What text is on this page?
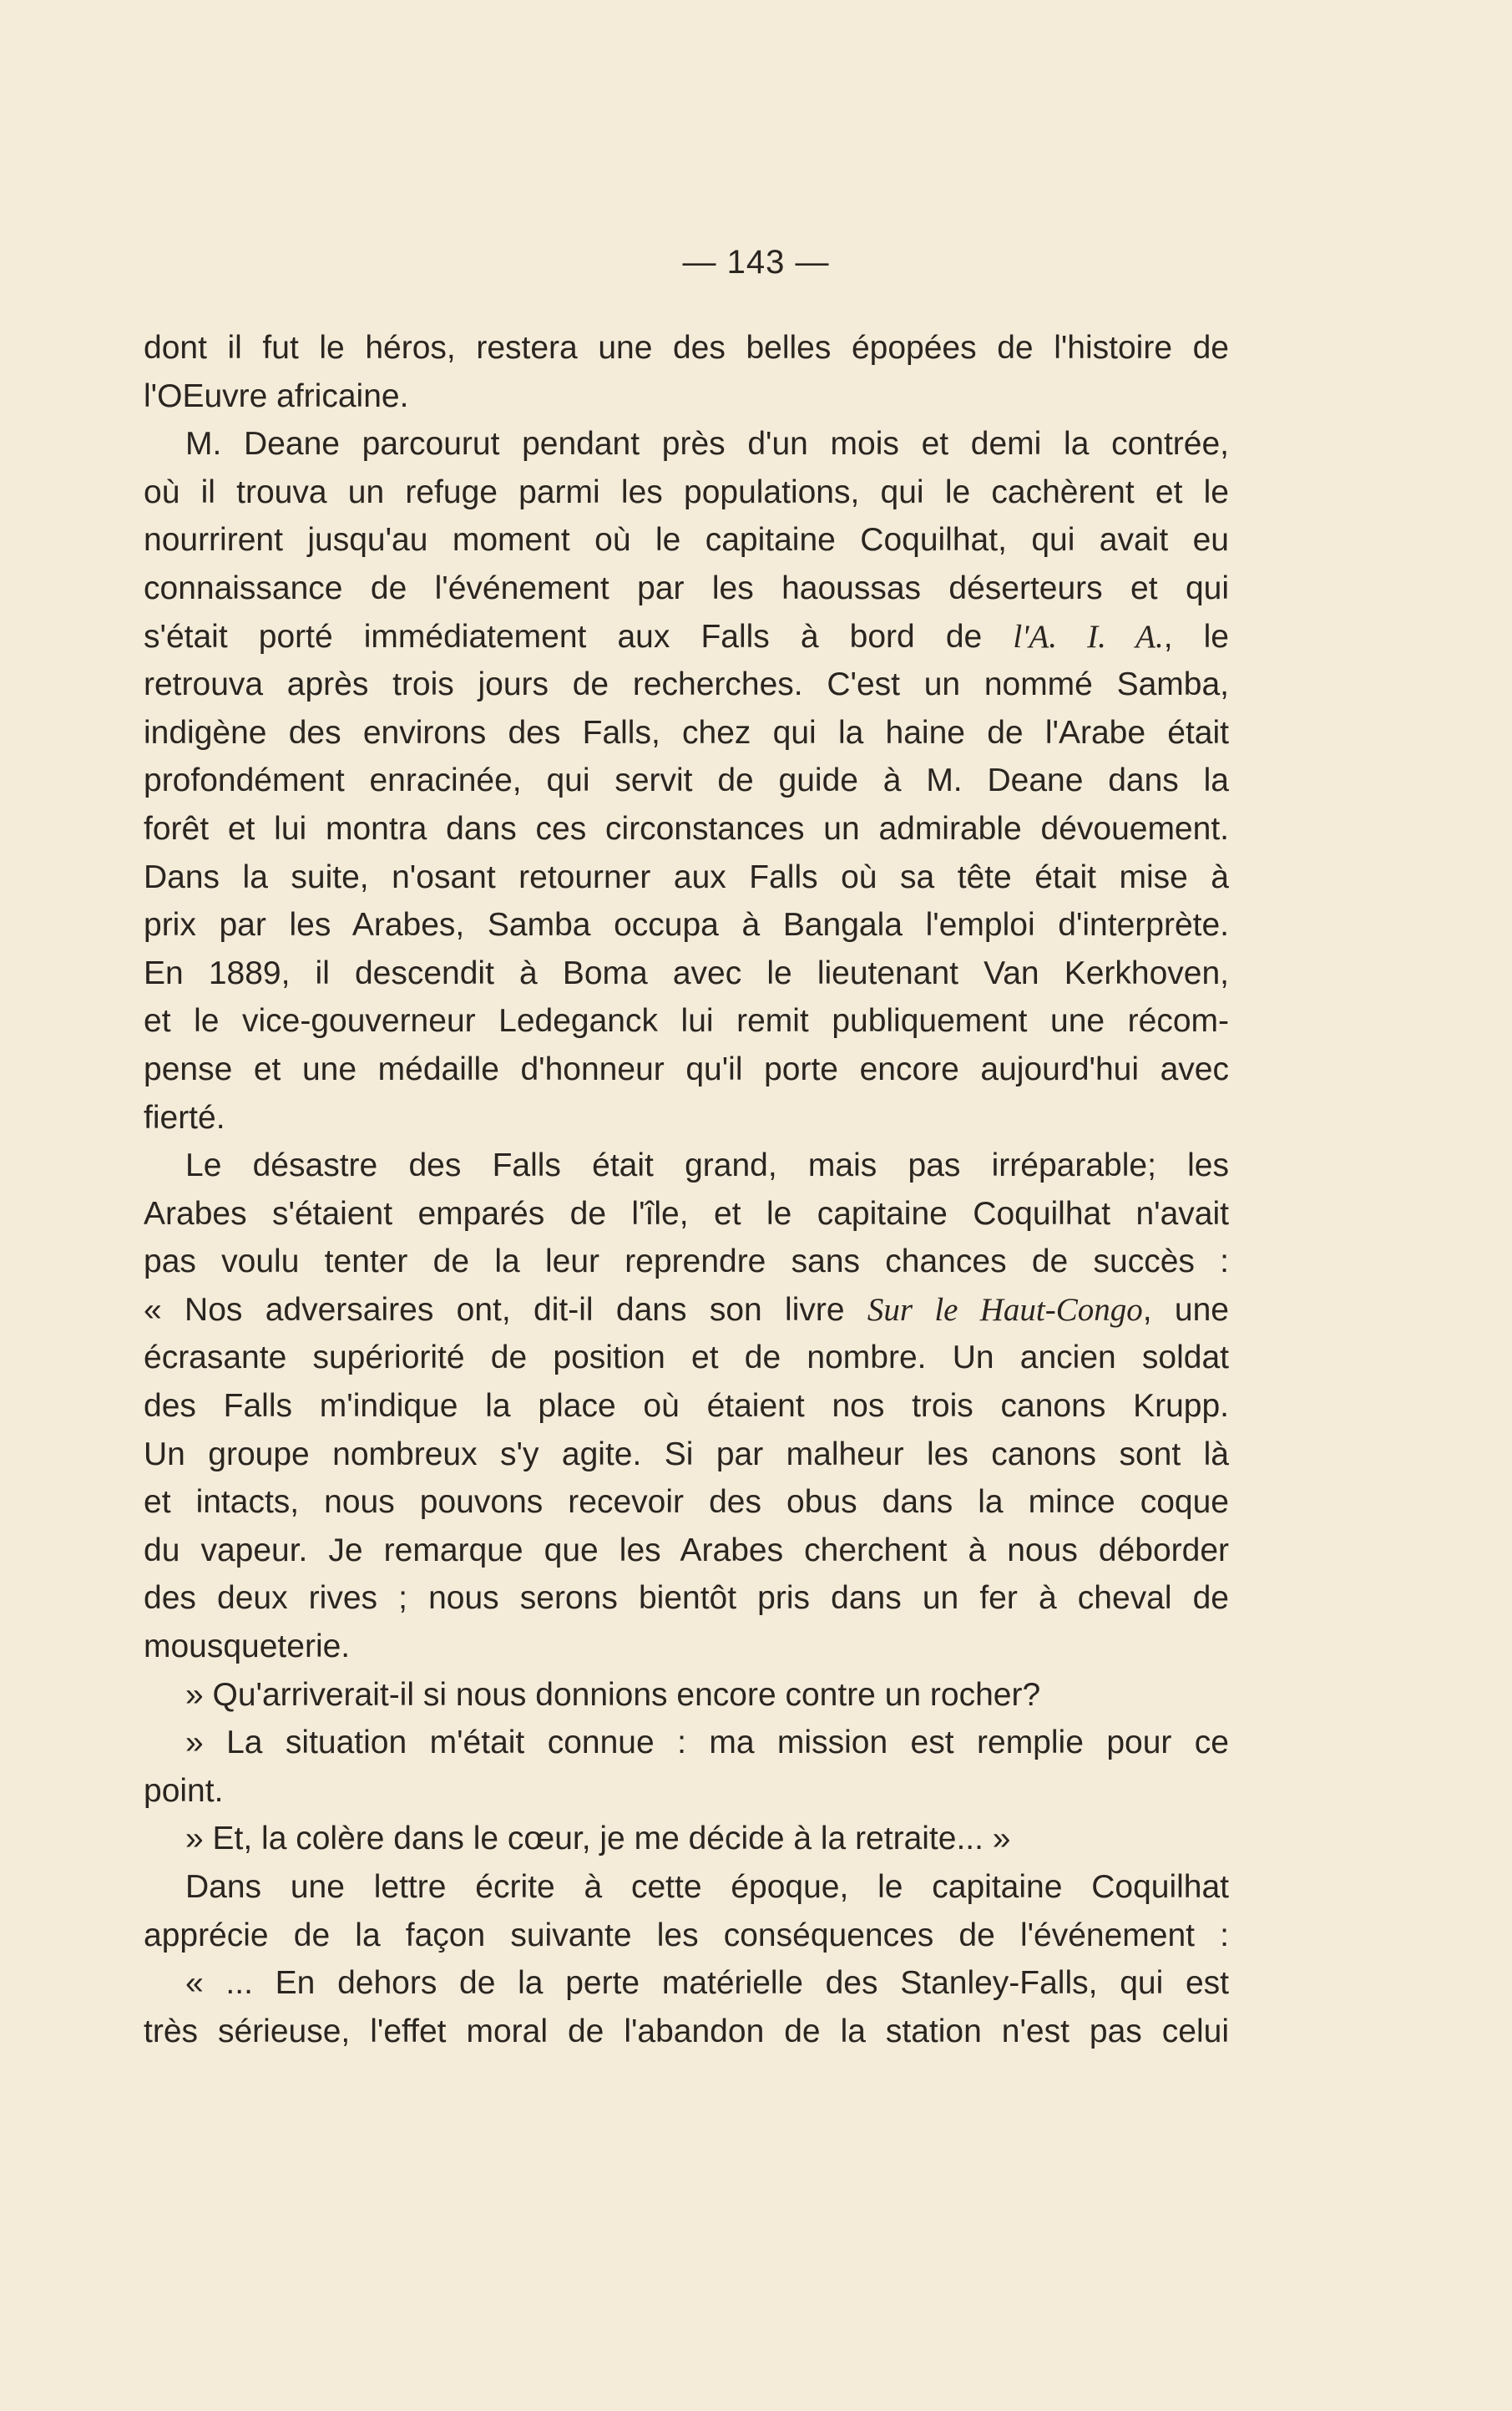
— 143 —
dont il fut le héros, restera une des belles épopées de l'histoire de
l'OEuvre africaine.
M. Deane parcourut pendant près d'un mois et demi la contrée,
où il trouva un refuge parmi les populations, qui le cachèrent et le
nourrirent jusqu'au moment où le capitaine Coquilhat, qui avait eu
connaissance de l'événement par les haoussas déserteurs et qui
s'était porté immédiatement aux Falls à bord de l'A. I. A., le
retrouva après trois jours de recherches. C'est un nommé Samba,
indigène des environs des Falls, chez qui la haine de l'Arabe était
profondément enracinée, qui servit de guide à M. Deane dans la
forêt et lui montra dans ces circonstances un admirable dévouement.
Dans la suite, n'osant retourner aux Falls où sa tête était mise à
prix par les Arabes, Samba occupa à Bangala l'emploi d'interprète.
En 1889, il descendit à Boma avec le lieutenant Van Kerkhoven,
et le vice-gouverneur Ledeganck lui remit publiquement une récom-
pense et une médaille d'honneur qu'il porte encore aujourd'hui avec
fierté.
Le désastre des Falls était grand, mais pas irréparable; les
Arabes s'étaient emparés de l'île, et le capitaine Coquilhat n'avait
pas voulu tenter de la leur reprendre sans chances de succès :
« Nos adversaires ont, dit-il dans son livre Sur le Haut-Congo, une
écrasante supériorité de position et de nombre. Un ancien soldat
des Falls m'indique la place où étaient nos trois canons Krupp.
Un groupe nombreux s'y agite. Si par malheur les canons sont là
et intacts, nous pouvons recevoir des obus dans la mince coque
du vapeur. Je remarque que les Arabes cherchent à nous déborder
des deux rives ; nous serons bientôt pris dans un fer à cheval de
mousqueterie.
» Qu'arriverait-il si nous donnions encore contre un rocher?
» La situation m'était connue : ma mission est remplie pour ce
point.
» Et, la colère dans le cœur, je me décide à la retraite... »
Dans une lettre écrite à cette époque, le capitaine Coquilhat
apprécie de la façon suivante les conséquences de l'événement :
« ... En dehors de la perte matérielle des Stanley-Falls, qui est
très sérieuse, l'effet moral de l'abandon de la station n'est pas celui
